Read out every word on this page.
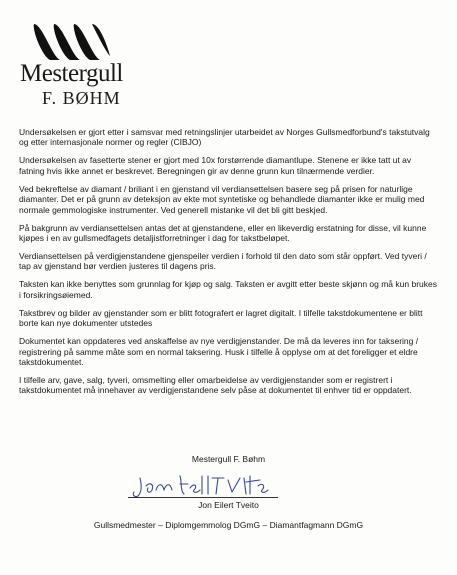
Mestergull
F. BØHM

Undersøkelsen er gjort etter i samsvar med retningslinjer utarbeidet av Norges Gullsmedforbund's takstutvalg og etter internasjonale normer og regler (CIBJO)

Undersøkelsen av fasetterte stener er gjort med 10x forstørrende diamantlupe. Stenene er ikke tatt ut av fatning hvis ikke annet er beskrevet. Beregningen gir av denne grunn kun tilnærmende verdier.

Ved bekreftelse av diamant / briliant i en gjenstand vil verdiansettelsen basere seg på prisen for naturlige diamanter. Det er på grunn av deteksjon av ekte mot syntetiske og behandlede diamanter ikke er mulig med normale gemmologiske instrumenter. Ved generell mistanke vil det bli gitt beskjed.

På bakgrunn av verdiansettelsen antas det at gjenstandene, eller en likeverdig erstatning for disse, vil kunne kjøpes i en av gullsmedfagets detaljistforretninger i dag for takstbeløpet.

Verdiansettelsen på verdigjenstandene gjenspeiler verdien i forhold til den dato som står oppført. Ved tyveri / tap av gjenstand bør verdien justeres til dagens pris.

Taksten kan ikke benyttes som grunnlag for kjøp og salg. Taksten er avgitt etter beste skjønn og må kun brukes i forsikringsøiemed.

Takstbrev og bilder av gjenstander som er blitt fotografert er lagret digitalt. I tilfelle takstdokumentene er blitt borte kan nye dokumenter utstedes

Dokumentet kan oppdateres ved anskaffelse av nye verdigjenstander. De må da leveres inn for taksering / registrering på samme måte som en normal taksering. Husk i tilfelle å opplyse om at det foreligger et eldre takstdokumentet.

I tilfelle arv, gave, salg, tyveri, omsmelting eller omarbeidelse av verdigjenstander som er registrert i takstdokumentet må innehaver av verdigjenstandene selv påse at dokumentet til enhver tid er oppdatert.

Mestergull F. Bøhm
Jon Eilert Tveito
Gullsmedmester – Diplomgemmolog DGmG – Diamantfagmann DGmG
